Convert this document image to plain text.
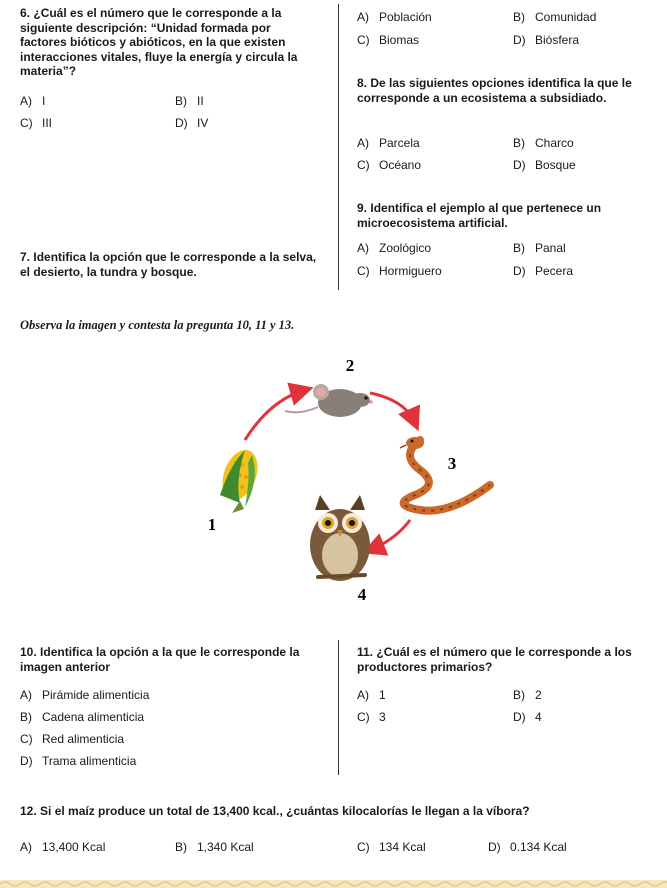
6. ¿Cuál es el número que le corresponde a la siguiente descripción: “Unidad formada por factores bióticos y abióticos, en la que existen interacciones vitales, fluye la energía y circula la materia”?
A) I	B) II
C) III	D) IV
7. Identifica la opción que le corresponde a la selva, el desierto, la tundra y bosque.
A) Población	B) Comunidad
C) Biomas	D) Biósfera
8. De las siguientes opciones identifica la que le corresponde a un ecosistema a subsidiado.
A) Parcela	B) Charco
C) Océano	D) Bosque
9. Identifica el ejemplo al que pertenece un microecosistema artificial.
A) Zoológico	B) Panal
C) Hormiguero	D) Pecera
Observa la imagen y contesta la pregunta 10, 11 y 13.
2
3
1
4
10. Identifica la opción a la que le corresponde la imagen anterior
A) Pirámide alimenticia
B) Cadena alimenticia
C) Red alimenticia
D) Trama alimenticia
11. ¿Cuál es el número que le corresponde a los productores primarios?
A) 1	B) 2
C) 3	D) 4
12. Si el maíz produce un total de 13,400 kcal., ¿cuántas kilocalorías le llegan a la víbora?
A) 13,400 Kcal	B) 1,340 Kcal	C) 134 Kcal	D) 0.134 Kcal
